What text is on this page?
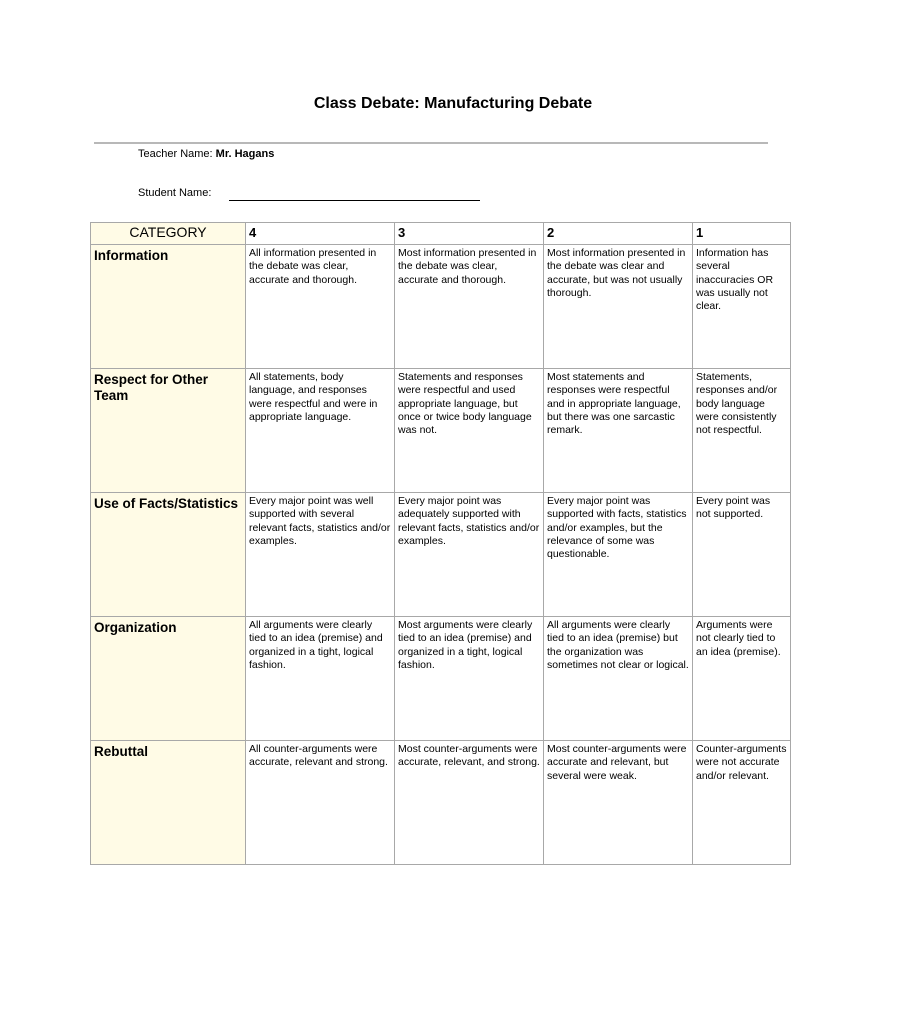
Class Debate: Manufacturing Debate
Teacher Name: Mr. Hagans
Student Name:
CATEGORY	4	3	2	1
Information	All information presented in the debate was clear, accurate and thorough.	Most information presented in the debate was clear, accurate and thorough.	Most information presented in the debate was clear and accurate, but was not usually thorough.	Information has several inaccuracies OR was usually not clear.
Respect for Other Team	All statements, body language, and responses were respectful and were in appropriate language.	Statements and responses were respectful and used appropriate language, but once or twice body language was not.	Most statements and responses were respectful and in appropriate language, but there was one sarcastic remark.	Statements, responses and/or body language were consistently not respectful.
Use of Facts/Statistics	Every major point was well supported with several relevant facts, statistics and/or examples.	Every major point was adequately supported with relevant facts, statistics and/or examples.	Every major point was supported with facts, statistics and/or examples, but the relevance of some was questionable.	Every point was not supported.
Organization	All arguments were clearly tied to an idea (premise) and organized in a tight, logical fashion.	Most arguments were clearly tied to an idea (premise) and organized in a tight, logical fashion.	All arguments were clearly tied to an idea (premise) but the organization was sometimes not clear or logical.	Arguments were not clearly tied to an idea (premise).
Rebuttal	All counter-arguments were accurate, relevant and strong.	Most counter-arguments were accurate, relevant, and strong.	Most counter-arguments were accurate and relevant, but several were weak.	Counter-arguments were not accurate and/or relevant.
